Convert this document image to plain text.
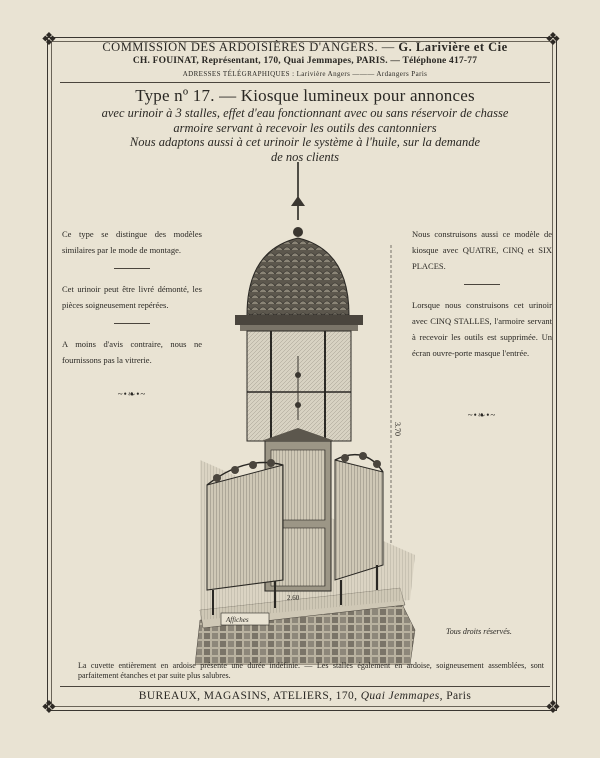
❖	❖
❖	❖
COMMISSION DES ARDOISIÈRES D'ANGERS. — G. Larivière et Cie
CH. FOUINAT, Représentant, 170, Quai Jemmapes, PARIS. — Téléphone 417-77
ADRESSES TÉLÉGRAPHIQUES : Larivière Angers ——— Ardangers Paris
Type nº 17. — Kiosque lumineux pour annonces
avec urinoir à 3 stalles, effet d'eau fonctionnant avec ou sans réservoir de chasse
armoire servant à recevoir les outils des cantonniers
Nous adaptons aussi à cet urinoir le système à l'huile, sur la demande
de nos clients

Ce type se distingue des modèles similaires par le mode de montage.

Cet urinoir peut être livré démonté, les pièces soigneusement repérées.

A moins d'avis contraire, nous ne fournissons pas la vitrerie.

~•❧•~

Nous construisons aussi ce modèle de kiosque avec QUATRE, CINQ et SIX PLACES.

Lorsque nous construisons cet urinoir avec CINQ STALLES, l'armoire servant à recevoir les outils est supprimée. Un écran ouvre-porte masque l'entrée.

~•❧•~
3.70
2.60
Affiches
Tous droits réservés.
La cuvette entièrement en ardoise présente une durée indéfinie. — Les stalles également en ardoise, soigneusement assemblées, sont parfaitement étanches et par suite plus salubres.
BUREAUX, MAGASINS, ATELIERS, 170, Quai Jemmapes, Paris
